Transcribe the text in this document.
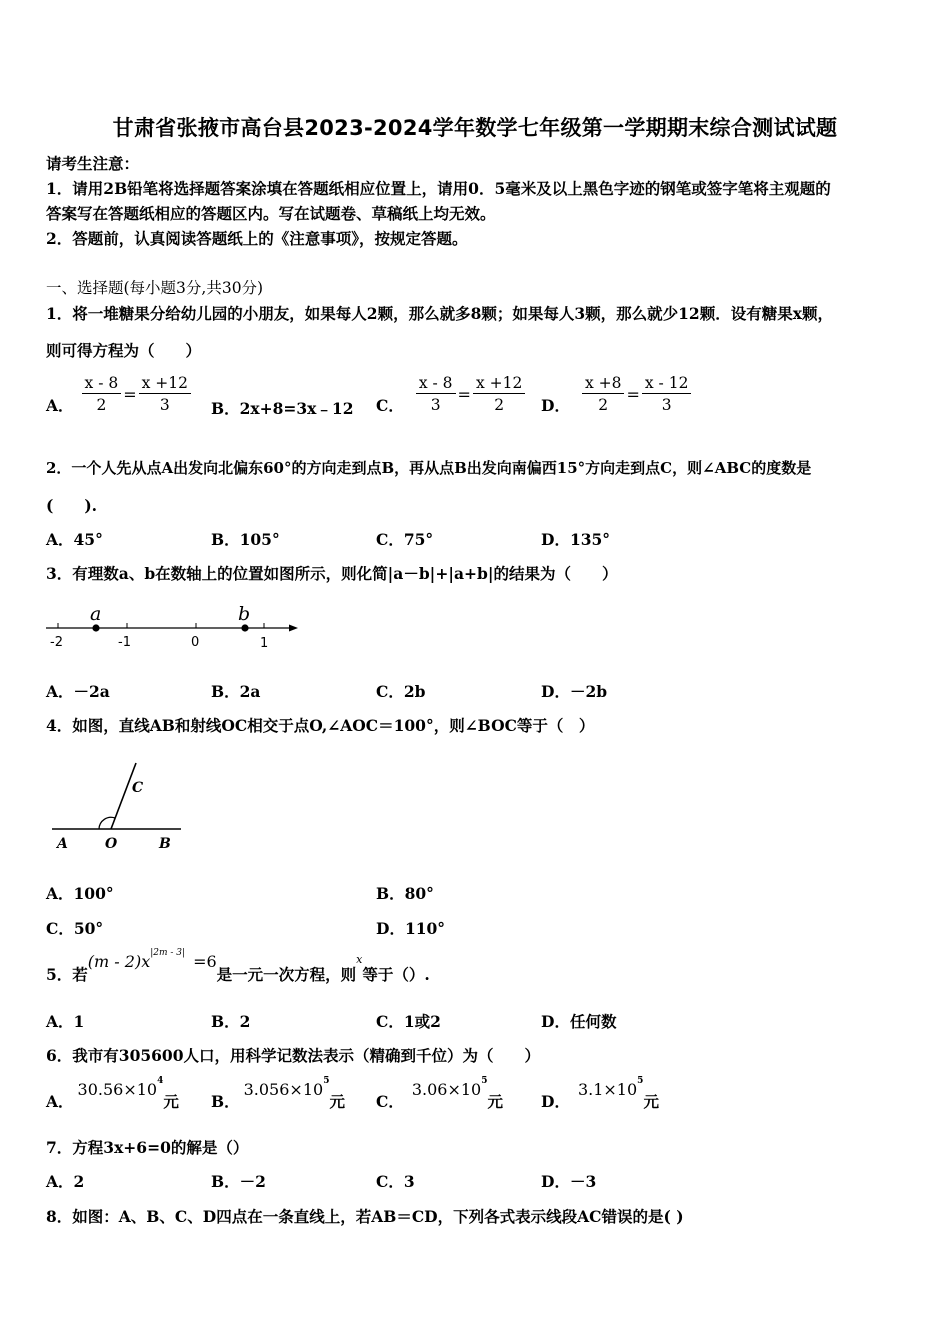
甘肃省张掖市高台县2023-2024学年数学七年级第一学期期末综合测试试题
请考生注意：
1．请用2B铅笔将选择题答案涂填在答题纸相应位置上，请用0．5毫米及以上黑色字迹的钢笔或签字笔将主观题的
答案写在答题纸相应的答题区内。写在试题卷、草稿纸上均无效。
2．答题前，认真阅读答题纸上的《注意事项》，按规定答题。
一、选择题(每小题3分,共30分)
1．将一堆糖果分给幼儿园的小朋友，如果每人2颗，那么就多8颗；如果每人3颗，那么就少12颗．设有糖果x颗，
则可得方程为（　　）
A． $\frac{x - 8}{2} = \frac{x +12}{3}$ B．2x+8=3x﹣12 C． $\frac{x - 8}{3} = \frac{x +12}{2}$ D． $\frac{x +8}{2} = \frac{x - 12}{3}$
2．一个人先从点A出发向北偏东60°的方向走到点B，再从点B出发向南偏西15°方向走到点C，则∠ABC的度数是
(　　).
A．45°	B．105°	C．75°	D．135°
3．有理数a、b在数轴上的位置如图所示，则化简|a－b|+|a+b|的结果为（　　）
a	b
-2	-1	0	1
A．－2a	B．2a	C．2b	D．－2b
4．如图，直线AB和射线OC相交于点O,∠AOC＝100°，则∠BOC等于（　）
C
A	O	B
A．100°	B．80°
C．50°	D．110°
5．若$(m - 2)x^{|2m - 3|} =6$是一元一次方程，则$^x$等于（）.
A．1	B．2	C．1或2	D．任何数
6．我市有305600人口，用科学记数法表示（精确到千位）为（　　）
A．$30.56\times 10^4$元 B．$3.056\times 10^5$元 C．$3.06\times 10^5$元 D．$3.1\times 10^5$元
7．方程3x+6=0的解是（）
A．2	B．－2	C．3	D．－3
8．如图：A、B、C、D四点在一条直线上，若AB＝CD，下列各式表示线段AC错误的是( )
